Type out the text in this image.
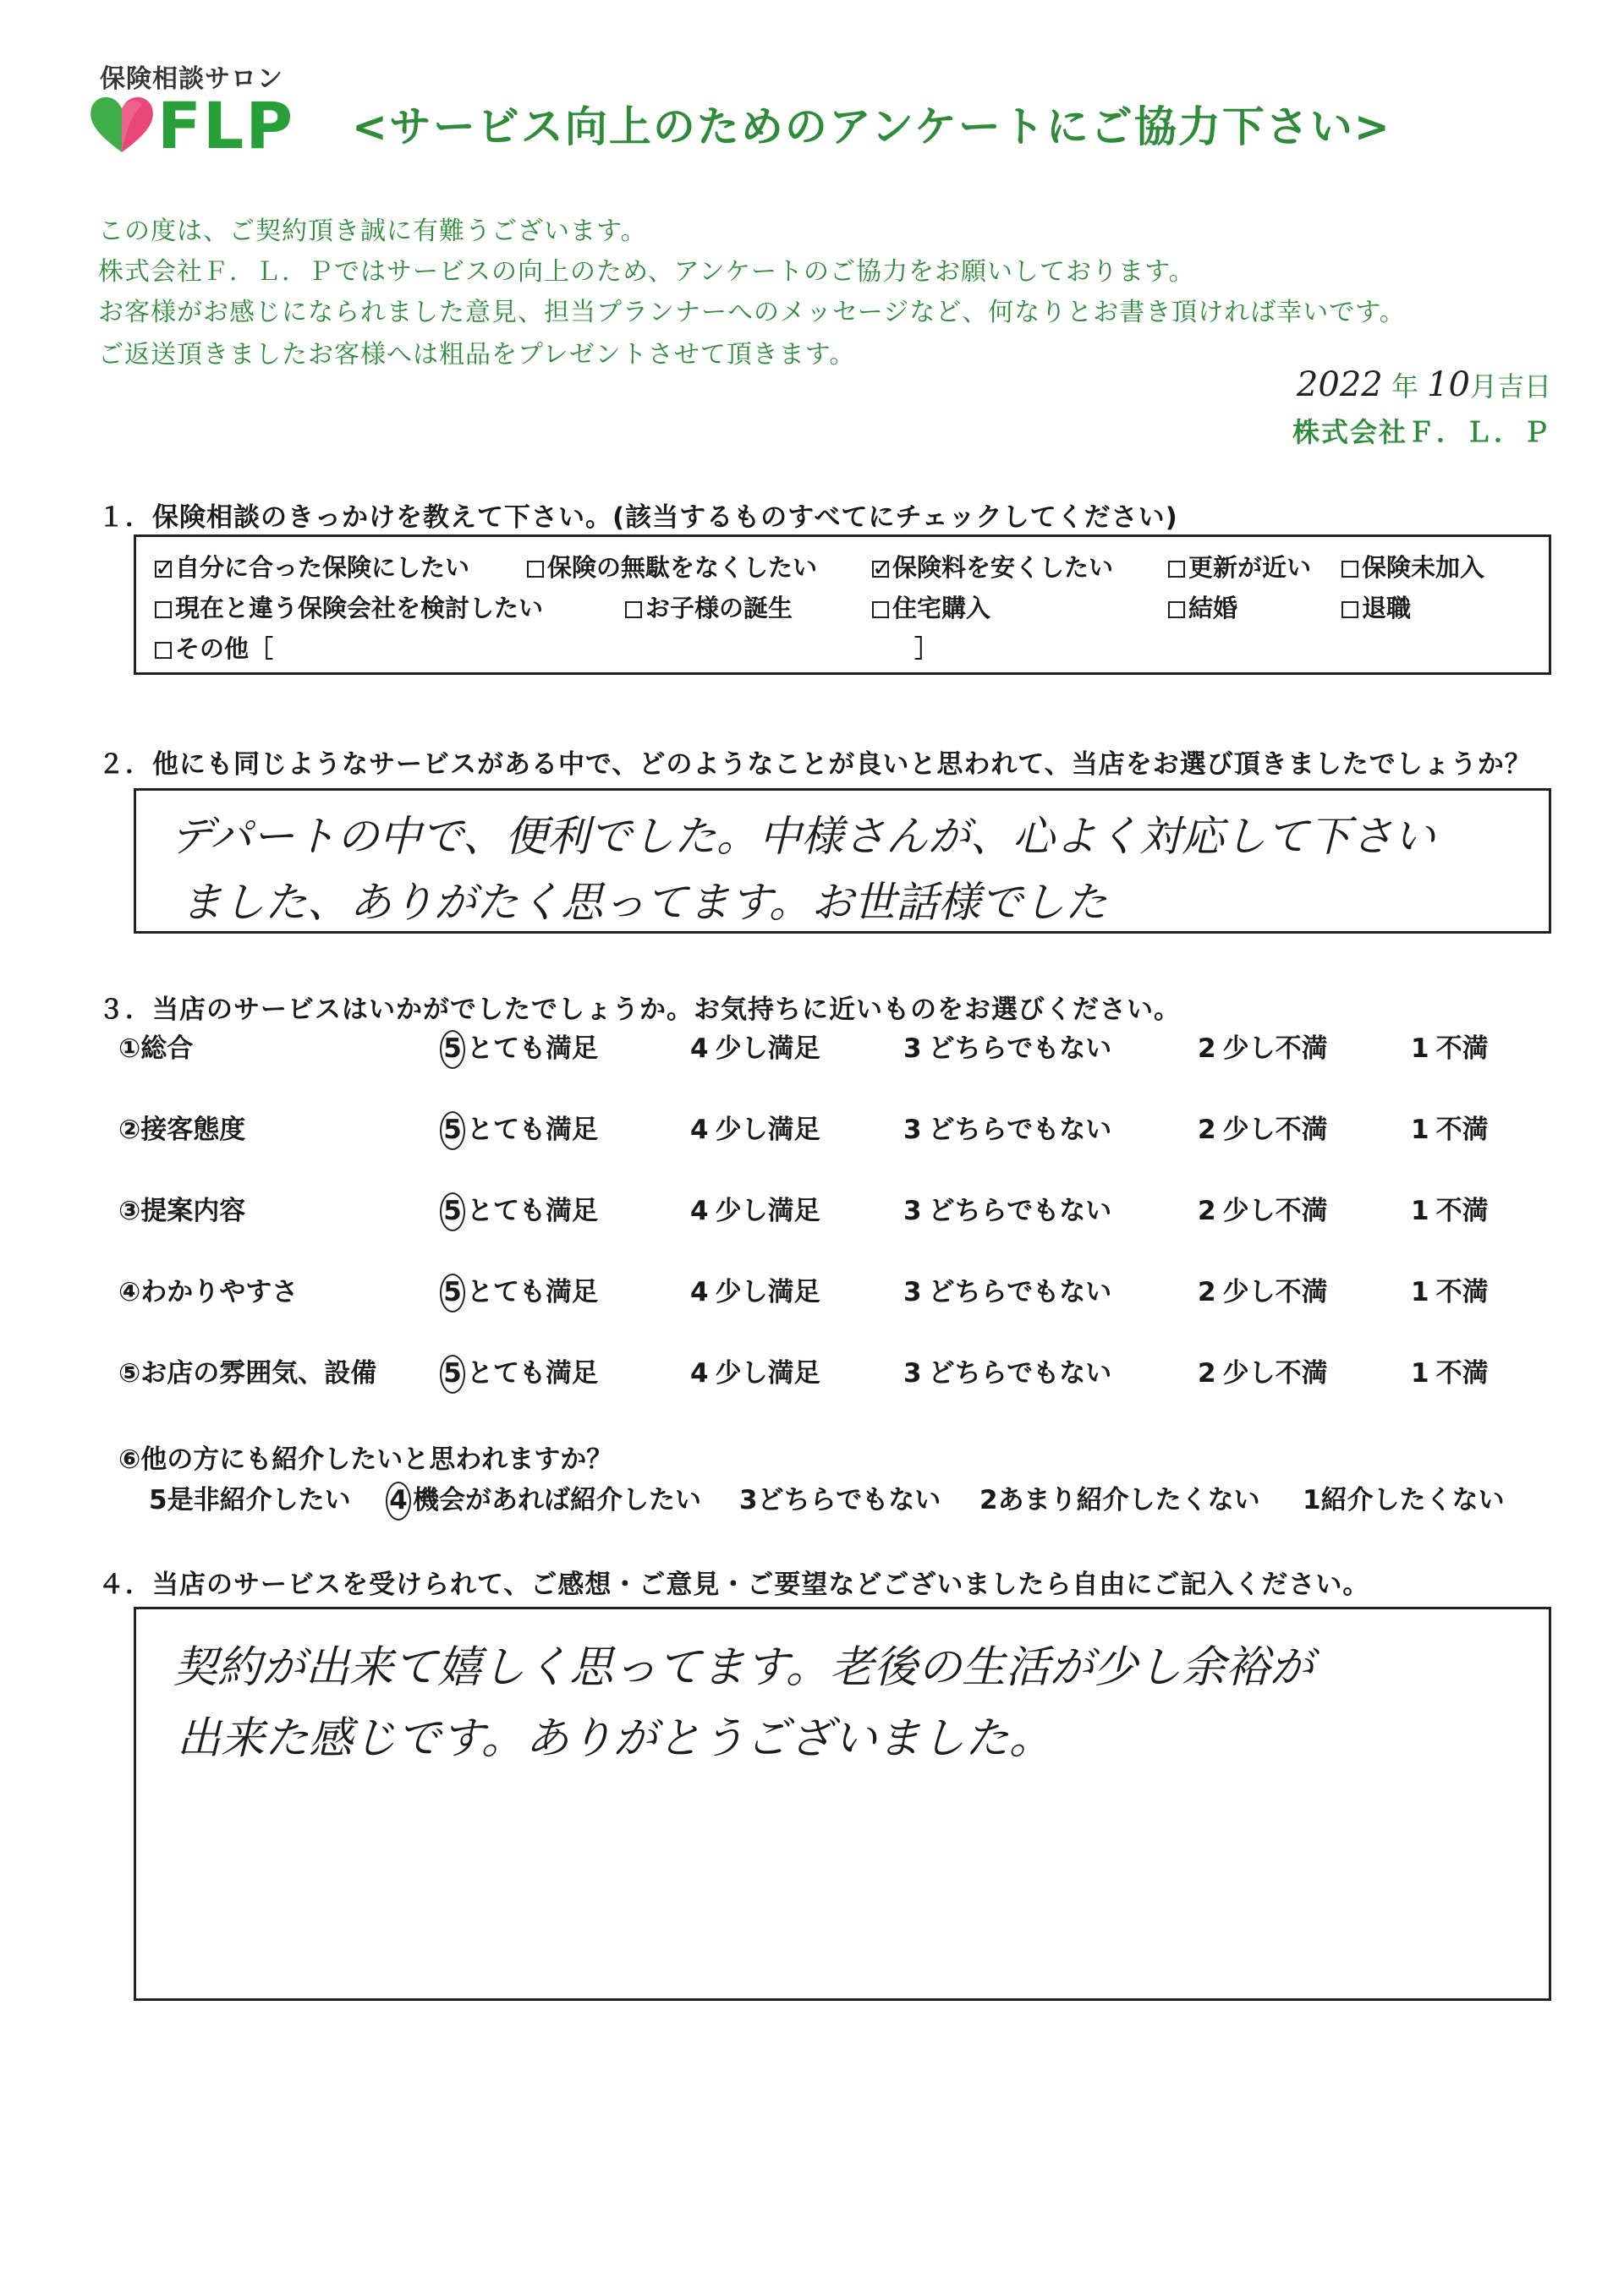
保険相談サロン
FLP <サービス向上のためのアンケートにご協力下さい>
この度は、ご契約頂き誠に有難うございます。
株式会社Ｆ．Ｌ．Ｐではサービスの向上のため、アンケートのご協力をお願いしております。
お客様がお感じになられました意見、担当プランナーへのメッセージなど、何なりとお書き頂ければ幸いです。
ご返送頂きましたお客様へは粗品をプレゼントさせて頂きます。
2022 年 10月吉日
株式会社Ｆ．Ｌ．Ｐ
１．保険相談のきっかけを教えて下さい。(該当するものすべてにチェックしてください)
✓自分に合った保険にしたい	保険の無駄をなくしたい ✓	保険料を安くしたい	更新が近い	保険未加入
現在と違う保険会社を検討したい	お子様の誕生	住宅購入	結婚	退職
その他［	］
２．他にも同じようなサービスがある中で、どのようなことが良いと思われて、当店をお選び頂きましたでしょうか？
デパートの中で、便利でした。中様さんが、心よく対応して下さい
ました、ありがたく思ってます。お世話様でした
３．当店のサービスはいかがでしたでしょうか。お気持ちに近いものをお選びください。
①総合	5 とても満足	4 少し満足	3 どちらでもない	2 少し不満	1 不満
②接客態度	5 とても満足	4 少し満足	3 どちらでもない	2 少し不満	1 不満
③提案内容	5 とても満足	4 少し満足	3 どちらでもない	2 少し不満	1 不満
④わかりやすさ	5 とても満足	4 少し満足	3 どちらでもない	2 少し不満	1 不満
⑤お店の雰囲気、設備	5 とても満足	4 少し満足	3 どちらでもない	2 少し不満	1 不満
⑥他の方にも紹介したいと思われますか？
5是非紹介したい 4 機会があれば紹介したい 3どちらでもない 2あまり紹介したくない 1紹介したくない
４．当店のサービスを受けられて、ご感想・ご意見・ご要望などございましたら自由にご記入ください。
契約が出来て嬉しく思ってます。老後の生活が少し余裕が
出来た感じです。ありがとうございました。
